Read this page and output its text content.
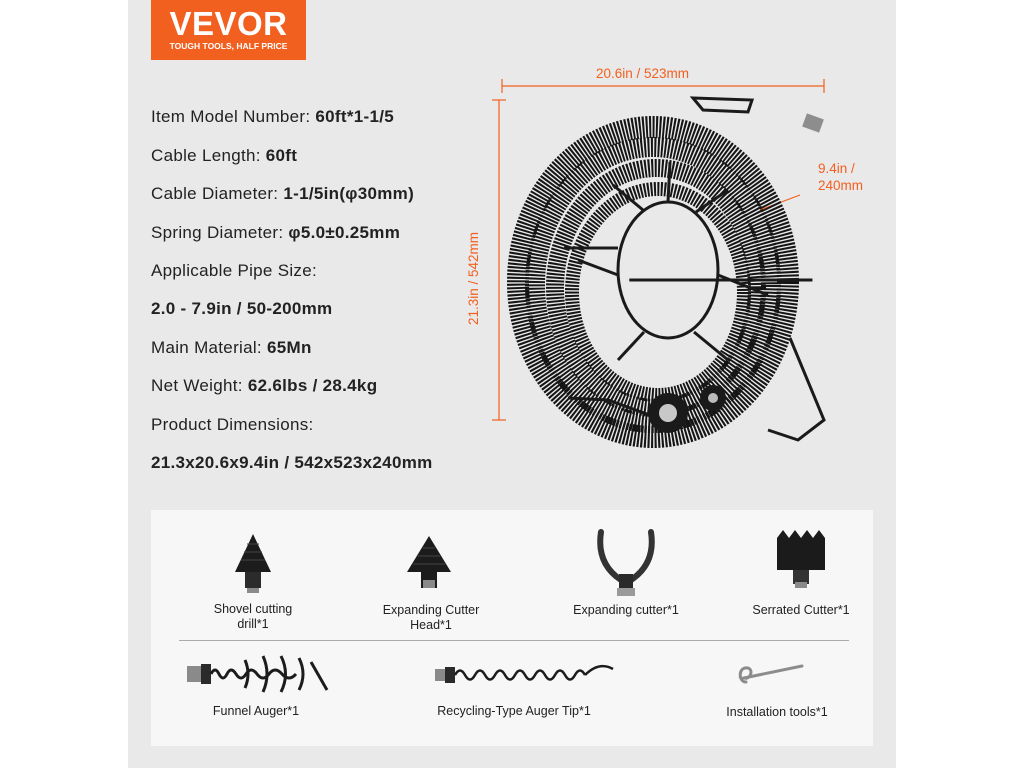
VEVOR
TOUGH TOOLS, HALF PRICE
Item Model Number: 60ft*1-1/5
Cable Length: 60ft
Cable Diameter: 1-1/5in(φ30mm)
Spring Diameter: φ5.0±0.25mm
Applicable Pipe Size:
2.0 - 7.9in / 50-200mm
Main Material: 65Mn
Net Weight: 62.6lbs / 28.4kg
Product Dimensions:
21.3x20.6x9.4in / 542x523x240mm
20.6in / 523mm
21.3in / 542mm
9.4in /
240mm
Shovel cutting
drill*1
Expanding Cutter
Head*1
Expanding cutter*1	Serrated Cutter*1
Funnel Auger*1	Recycling-Type Auger Tip*1	Installation tools*1
